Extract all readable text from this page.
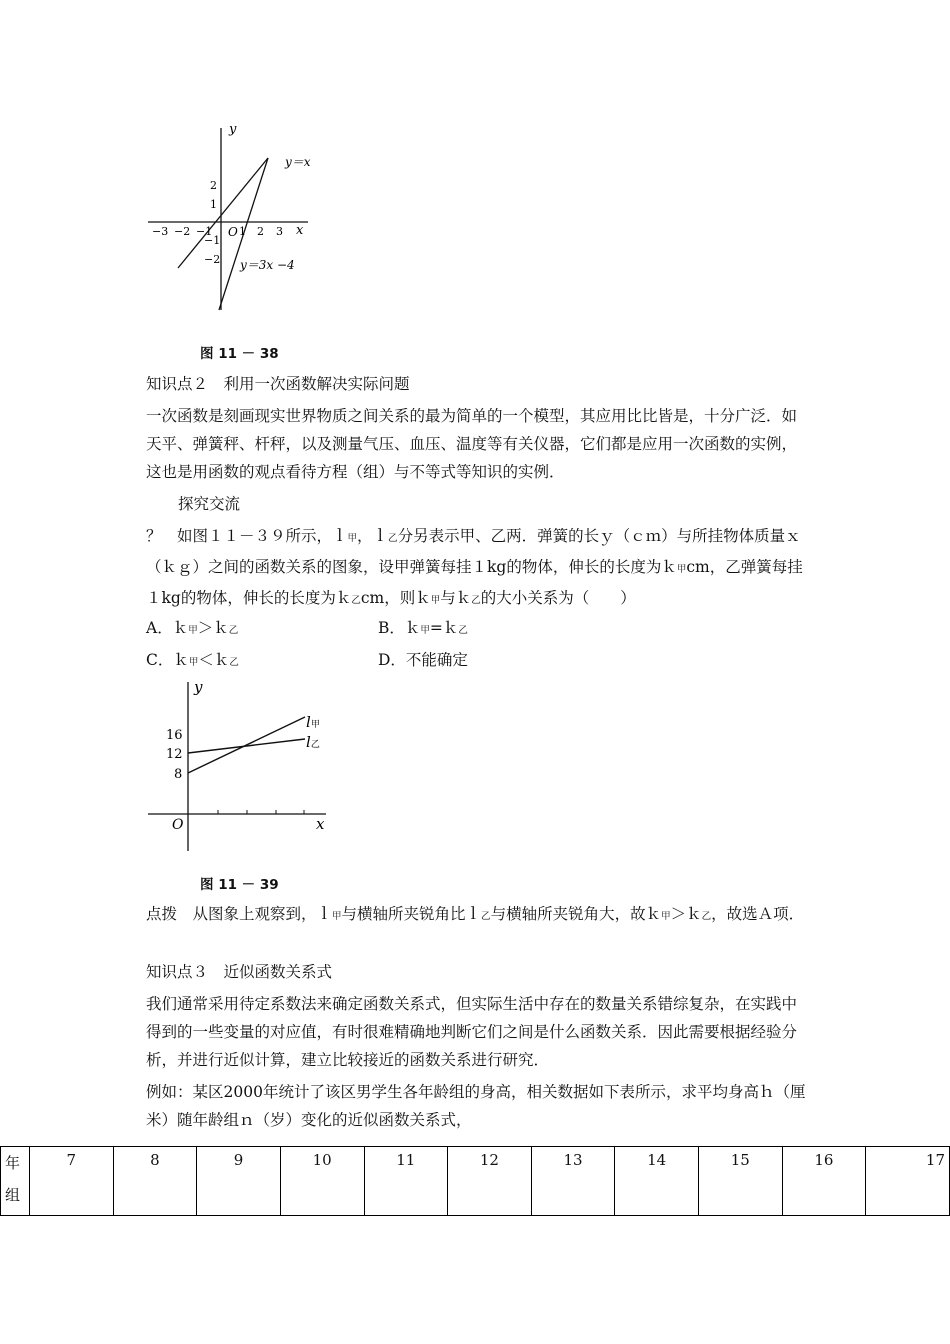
y
x
O
−3 −2 −1 1 2 3
2
1
−1
−2
y＝x
y＝3x −4
图 11 － 38

知识点２　利用一次函数解决实际问题

一次函数是刻画现实世界物质之间关系的最为简单的一个模型，其应用比比皆是，十分广泛．如天平、弹簧秤、杆秤，以及测量气压、血压、温度等有关仪器，它们都是应用一次函数的实例，这也是用函数的观点看待方程（组）与不等式等知识的实例．

探究交流

？　如图１１－３９所示，ｌ甲，ｌ乙分另表示甲、乙两．弹簧的长ｙ（ｃｍ）与所挂物体质量ｘ（ｋｇ）之间的函数关系的图象，设甲弹簧每挂１kg的物体，伸长的长度为ｋ甲cm，乙弹簧每挂１kg的物体，伸长的长度为ｋ乙cm，则ｋ甲与ｋ乙的大小关系为（　　）

A．ｋ甲＞ｋ乙	B．ｋ甲=ｋ乙
C．ｋ甲＜ｋ乙	D．不能确定
y
x
O
16
12
8
l甲
l乙
图 11 － 39

点拨　从图象上观察到，ｌ甲与横轴所夹锐角比ｌ乙与横轴所夹锐角大，故ｋ甲＞ｋ乙，故选Ａ项．

知识点３　近似函数关系式

我们通常采用待定系数法来确定函数关系式，但实际生活中存在的数量关系错综复杂，在实践中得到的一些变量的对应值，有时很难精确地判断它们之间是什么函数关系．因此需要根据经验分析，并进行近似计算，建立比较接近的函数关系进行研究．

例如：某区2000年统计了该区男学生各年龄组的身高，相关数据如下表所示，求平均身高ｈ（厘米）随年龄组ｎ（岁）变化的近似函数关系式，

年组	7	8	9	10	11	12	13	14	15	16	17
